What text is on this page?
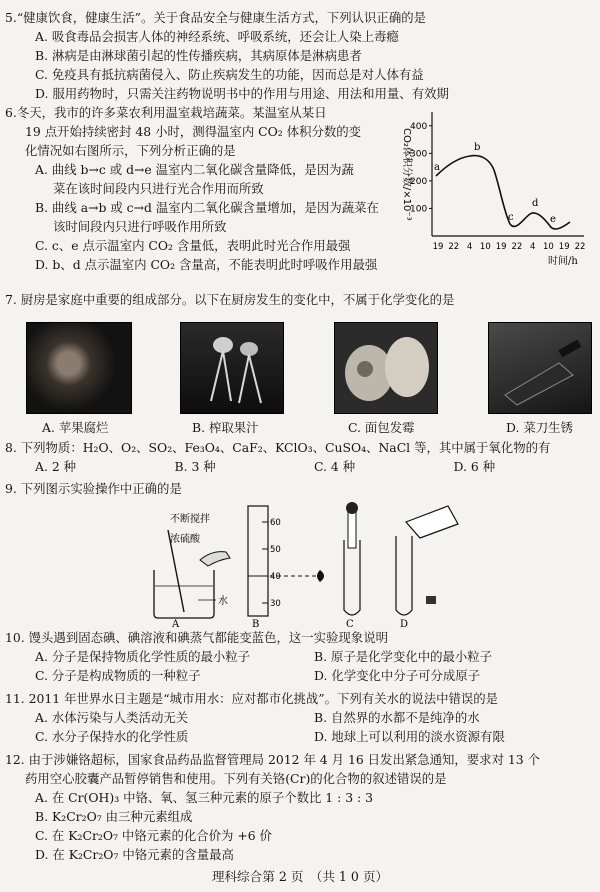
5.“健康饮食，健康生活”。关于食品安全与健康生活方式，下列认识正确的是
A. 吸食毒品会损害人体的神经系统、呼吸系统，还会让人染上毒瘾
B. 淋病是由淋球菌引起的性传播疾病，其病原体是淋病患者
C. 免疫具有抵抗病菌侵入、防止疾病发生的功能，因而总是对人体有益
D. 服用药物时，只需关注药物说明书中的作用与用途、用法和用量、有效期
6.冬天，我市的许多菜农利用温室栽培蔬菜。某温室从某日
19 点开始持续密封 48 小时，测得温室内 CO₂ 体积分数的变
化情况如右图所示，下列分析正确的是
A. 曲线 b→c 或 d→e 温室内二氧化碳含量降低，是因为蔬
菜在该时间段内只进行光合作用而所致
B. 曲线 a→b 或 c→d 温室内二氧化碳含量增加，是因为蔬菜在
该时间段内只进行呼吸作用所致
C. c、e 点示温室内 CO₂ 含量低，表明此时光合作用最强
D. b、d 点示温室内 CO₂ 含量高，不能表明此时呼吸作用最强
CO₂体积分数/×10⁻³
100
200
300
400
19 22 4 10 19 22 4 10 19 22
a
b
c
d
e
时间/h
7. 厨房是家庭中重要的组成部分。以下在厨房发生的变化中，不属于化学变化的是
A. 苹果腐烂	B. 榨取果汁	C. 面包发霉	D. 菜刀生锈
8. 下列物质：H₂O、O₂、SO₂、Fe₃O₄、CaF₂、KClO₃、CuSO₄、NaCl 等，其中属于氧化物的有
A. 2 种	B. 3 种	C. 4 种	D. 6 种
9. 下列图示实验操作中正确的是
不断搅拌
浓硫酸
水
A
60
50
40
30
B	C	D
10. 馒头遇到固态碘、碘溶液和碘蒸气都能变蓝色，这一实验现象说明
A. 分子是保持物质化学性质的最小粒子	B. 原子是化学变化中的最小粒子
C. 分子是构成物质的一种粒子	D. 化学变化中分子可分成原子
11. 2011 年世界水日主题是“城市用水：应对都市化挑战”。下列有关水的说法中错误的是
A. 水体污染与人类活动无关	B. 自然界的水都不是纯净的水
C. 水分子保持水的化学性质	D. 地球上可以利用的淡水资源有限
12. 由于涉嫌铬超标，国家食品药品监督管理局 2012 年 4 月 16 日发出紧急通知，要求对 13 个
药用空心胶囊产品暂停销售和使用。下列有关铬(Cr)的化合物的叙述错误的是
A. 在 Cr(OH)₃ 中铬、氧、氢三种元素的原子个数比 1 : 3 : 3
B. K₂Cr₂O₇ 由三种元素组成
C. 在 K₂Cr₂O₇ 中铬元素的化合价为 +6 价
D. 在 K₂Cr₂O₇ 中铬元素的含量最高
理科综合第 2 页　（共 1 0 页）
